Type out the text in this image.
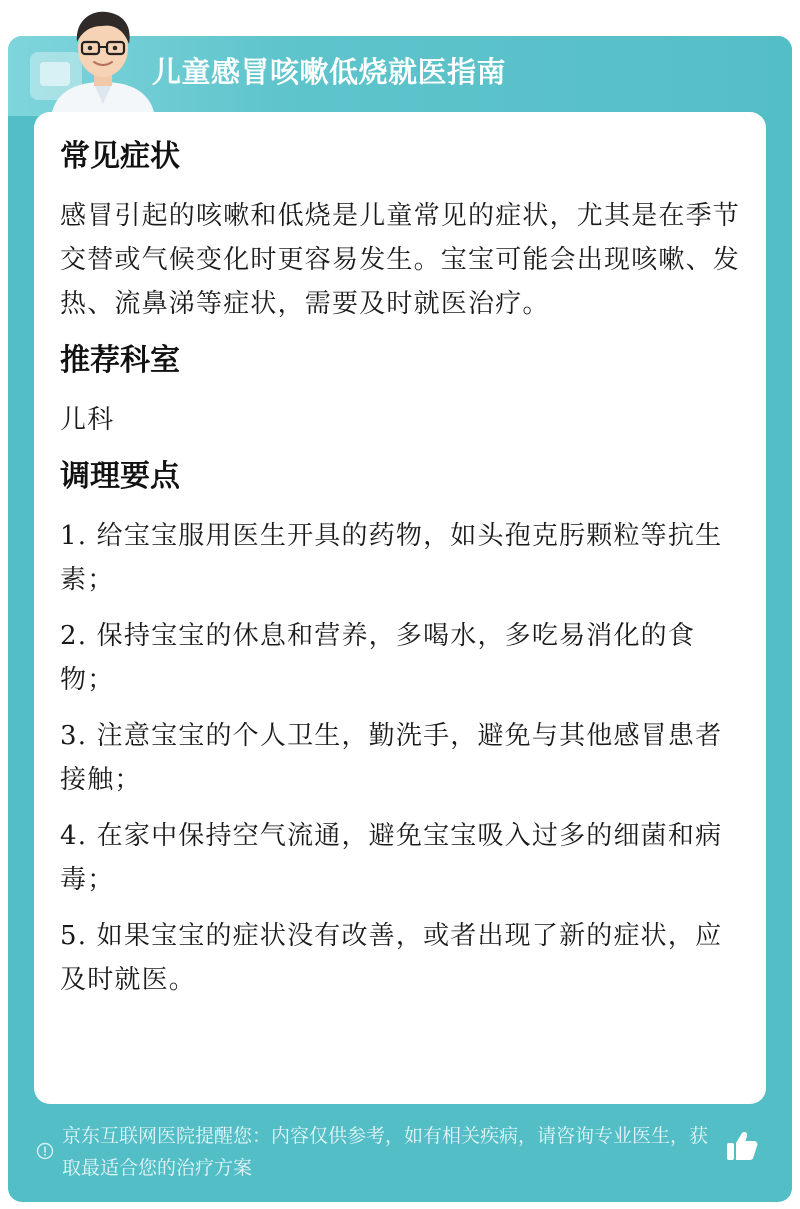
儿童感冒咳嗽低烧就医指南
常见症状

感冒引起的咳嗽和低烧是儿童常见的症状，尤其是在季节交替或气候变化时更容易发生。宝宝可能会出现咳嗽、发热、流鼻涕等症状，需要及时就医治疗。

推荐科室

儿科

调理要点

1. 给宝宝服用医生开具的药物，如头孢克肟颗粒等抗生素；

2. 保持宝宝的休息和营养，多喝水，多吃易消化的食物；

3. 注意宝宝的个人卫生，勤洗手，避免与其他感冒患者接触；

4. 在家中保持空气流通，避免宝宝吸入过多的细菌和病毒；

5. 如果宝宝的症状没有改善，或者出现了新的症状，应及时就医。

京东互联网医院提醒您：内容仅供参考，如有相关疾病，请咨询专业医生，获取最适合您的治疗方案
